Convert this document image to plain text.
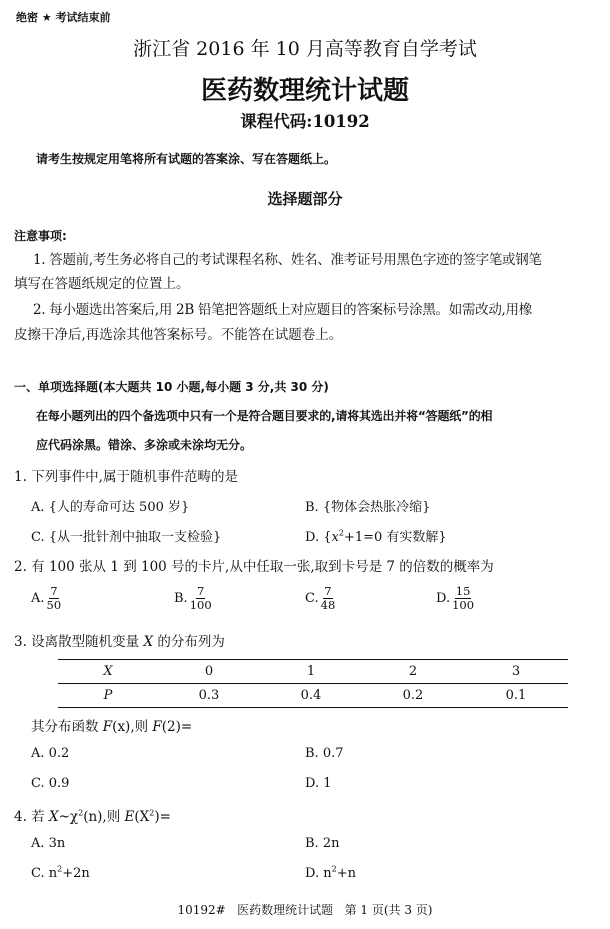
绝密 ★ 考试结束前
浙江省 2016 年 10 月高等教育自学考试
医药数理统计试题
课程代码:10192
请考生按规定用笔将所有试题的答案涂、写在答题纸上。
选择题部分
注意事项:
1. 答题前,考生务必将自己的考试课程名称、姓名、准考证号用黑色字迹的签字笔或钢笔
填写在答题纸规定的位置上。
2. 每小题选出答案后,用 2B 铅笔把答题纸上对应题目的答案标号涂黑。如需改动,用橡
皮擦干净后,再选涂其他答案标号。不能答在试题卷上。
一、单项选择题(本大题共 10 小题,每小题 3 分,共 30 分)
在每小题列出的四个备选项中只有一个是符合题目要求的,请将其选出并将“答题纸”的相
应代码涂黑。错涂、多涂或未涂均无分。
1. 下列事件中,属于随机事件范畴的是
A. {人的寿命可达 500 岁}	B. {物体会热胀冷缩}
C. {从一批针剂中抽取一支检验}	D. {$x^2+1=0$ 有实数解}
2. 有 100 张从 1 到 100 号的卡片,从中任取一张,取到卡号是 7 的倍数的概率为
A. $\frac{7}{50}$	B. $\frac{7}{100}$	C. $\frac{7}{48}$	D. $\frac{15}{100}$
3. 设离散型随机变量 X 的分布列为
X	0	1	2	3
P	0.3	0.4	0.2	0.1
其分布函数 F(x),则 F(2)=
A. 0.2	B. 0.7
C. 0.9	D. 1
4. 若 $X\sim\chi^2(n)$,则 $E(X^2)=$
A. 3n	B. 2n
C. $n^2+2n$	D. $n^2+n$
10192#   医药数理统计试题   第 1 页(共 3 页)
